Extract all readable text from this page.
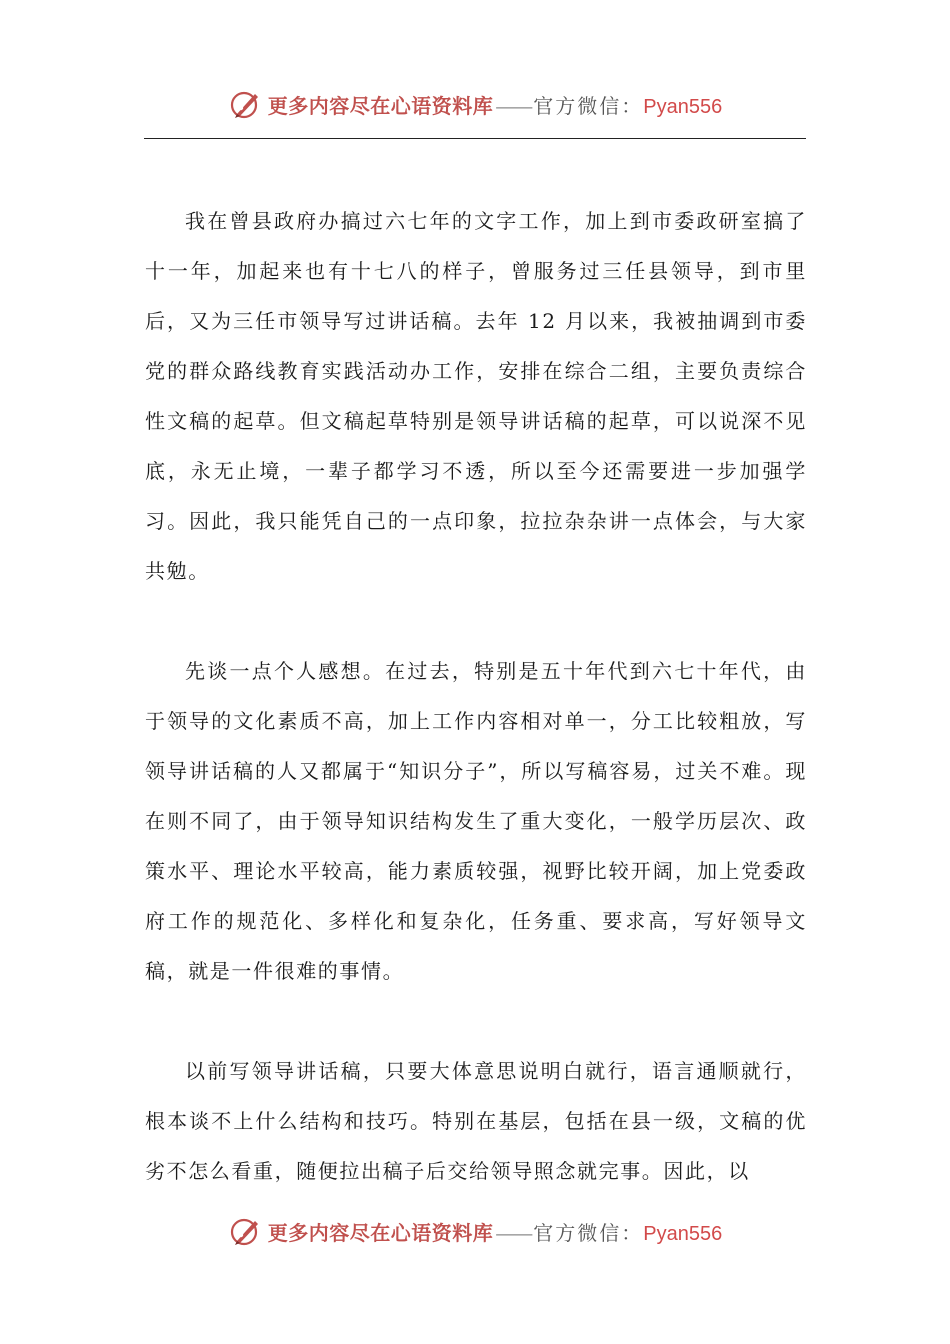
更多内容尽在心语资料库 —— 官方微信： Pyan556

我在曾县政府办搞过六七年的文字工作，加上到市委政研室搞了十一年，加起来也有十七八的样子，曾服务过三任县领导，到市里后，又为三任市领导写过讲话稿。去年 12 月以来，我被抽调到市委党的群众路线教育实践活动办工作，安排在综合二组，主要负责综合性文稿的起草。但文稿起草特别是领导讲话稿的起草，可以说深不见底，永无止境，一辈子都学习不透，所以至今还需要进一步加强学习。因此，我只能凭自己的一点印象，拉拉杂杂讲一点体会，与大家共勉。

先谈一点个人感想。在过去，特别是五十年代到六七十年代，由于领导的文化素质不高，加上工作内容相对单一，分工比较粗放，写领导讲话稿的人又都属于“知识分子”，所以写稿容易，过关不难。现在则不同了，由于领导知识结构发生了重大变化，一般学历层次、政策水平、理论水平较高，能力素质较强，视野比较开阔，加上党委政府工作的规范化、多样化和复杂化，任务重、要求高，写好领导文稿，就是一件很难的事情。

以前写领导讲话稿，只要大体意思说明白就行，语言通顺就行，根本谈不上什么结构和技巧。特别在基层，包括在县一级，文稿的优劣不怎么看重，随便拉出稿子后交给领导照念就完事。因此，以

更多内容尽在心语资料库 —— 官方微信： Pyan556
